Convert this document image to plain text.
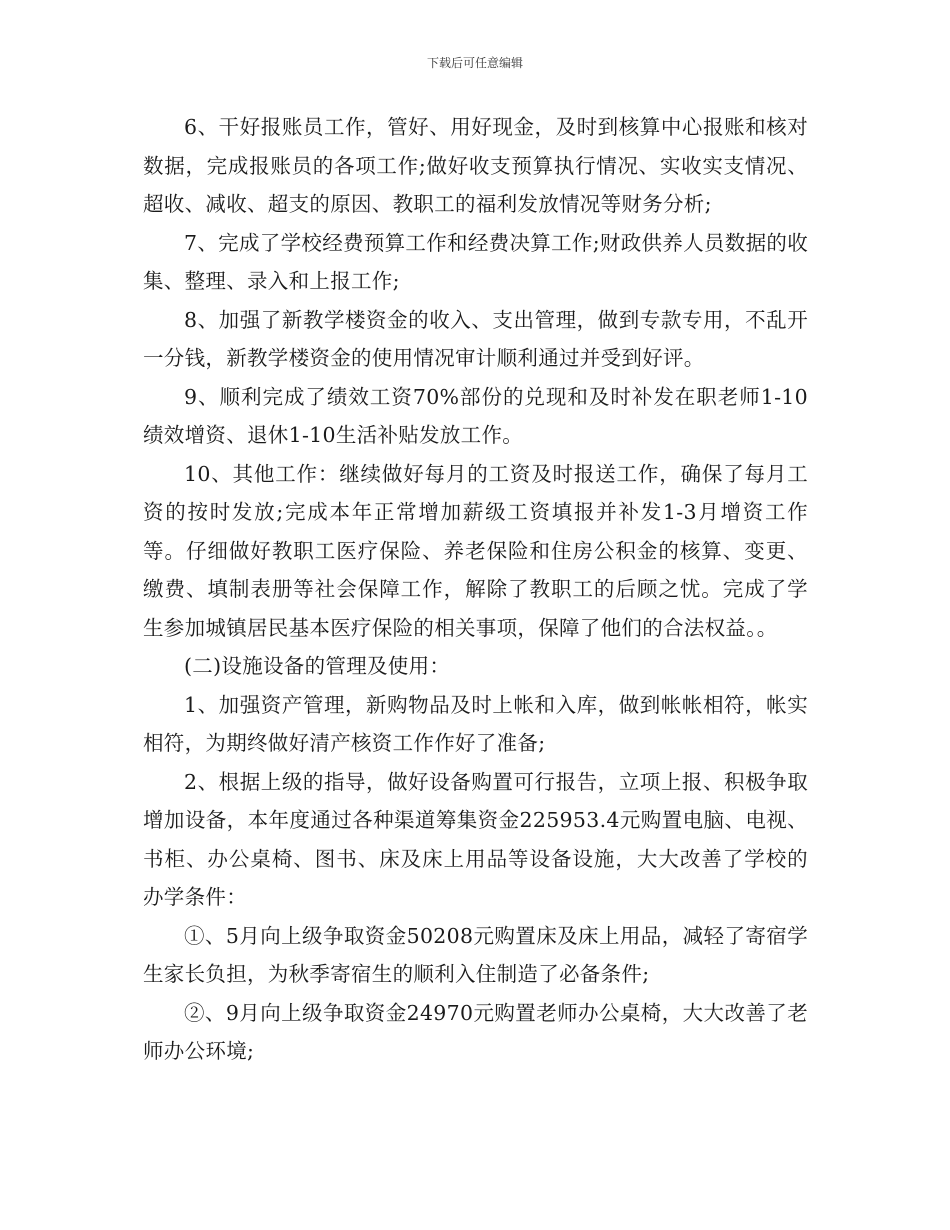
下载后可任意编辑

6、干好报账员工作，管好、用好现金，及时到核算中心报账和核对数据，完成报账员的各项工作;做好收支预算执行情况、实收实支情况、超收、减收、超支的原因、教职工的福利发放情况等财务分析;

7、完成了学校经费预算工作和经费决算工作;财政供养人员数据的收集、整理、录入和上报工作;

8、加强了新教学楼资金的收入、支出管理，做到专款专用，不乱开一分钱，新教学楼资金的使用情况审计顺利通过并受到好评。

9、顺利完成了绩效工资70%部份的兑现和及时补发在职老师1-10绩效增资、退休1-10生活补贴发放工作。

10、其他工作：继续做好每月的工资及时报送工作，确保了每月工资的按时发放;完成本年正常增加薪级工资填报并补发1-3月增资工作等。仔细做好教职工医疗保险、养老保险和住房公积金的核算、变更、缴费、填制表册等社会保障工作，解除了教职工的后顾之忧。完成了学生参加城镇居民基本医疗保险的相关事项，保障了他们的合法权益。。

(二)设施设备的管理及使用：

1、加强资产管理，新购物品及时上帐和入库，做到帐帐相符，帐实相符，为期终做好清产核资工作作好了准备;

2、根据上级的指导，做好设备购置可行报告，立项上报、积极争取增加设备，本年度通过各种渠道筹集资金225953.4元购置电脑、电视、书柜、办公桌椅、图书、床及床上用品等设备设施，大大改善了学校的办学条件：

①、5月向上级争取资金50208元购置床及床上用品，减轻了寄宿学生家长负担，为秋季寄宿生的顺利入住制造了必备条件;

②、9月向上级争取资金24970元购置老师办公桌椅，大大改善了老师办公环境;
